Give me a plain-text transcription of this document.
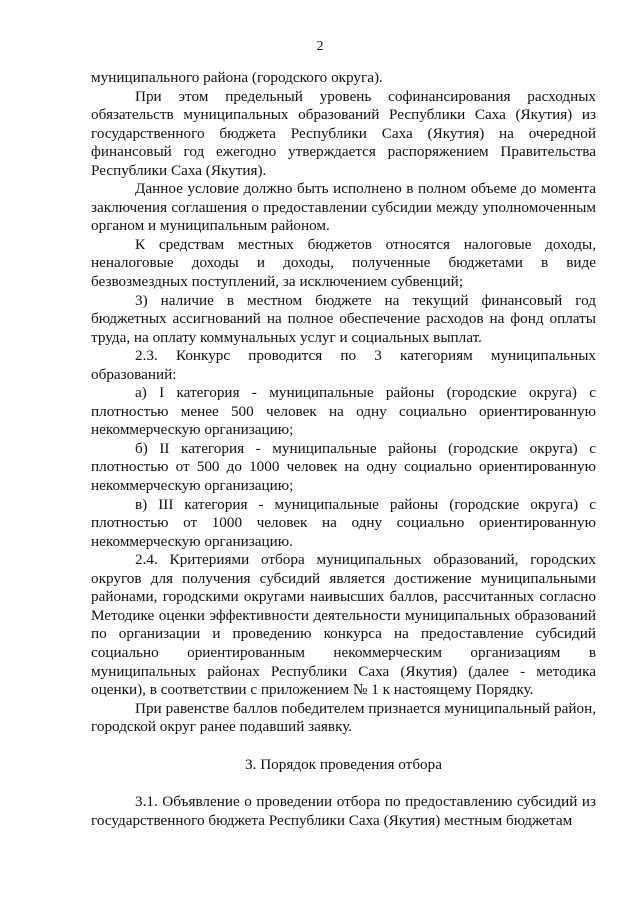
2

муниципального района (городского округа).

При этом предельный уровень софинансирования расходных обязательств муниципальных образований Республики Саха (Якутия) из государственного бюджета Республики Саха (Якутия) на очередной финансовый год ежегодно утверждается распоряжением Правительства Республики Саха (Якутия).

Данное условие должно быть исполнено в полном объеме до момента заключения соглашения о предоставлении субсидии между уполномоченным органом и муниципальным районом.

К средствам местных бюджетов относятся налоговые доходы, неналоговые доходы и доходы, полученные бюджетами в виде безвозмездных поступлений, за исключением субвенций;

3) наличие в местном бюджете на текущий финансовый год бюджетных ассигнований на полное обеспечение расходов на фонд оплаты труда, на оплату коммунальных услуг и социальных выплат.

2.3. Конкурс проводится по 3 категориям муниципальных образований:

а) I категория - муниципальные районы (городские округа) с плотностью менее 500 человек на одну социально ориентированную некоммерческую организацию;

б) II категория - муниципальные районы (городские округа) с плотностью от 500 до 1000 человек на одну социально ориентированную некоммерческую организацию;

в) III категория - муниципальные районы (городские округа) с плотностью от 1000 человек на одну социально ориентированную некоммерческую организацию.

2.4. Критериями отбора муниципальных образований, городских округов для получения субсидий является достижение муниципальными районами, городскими округами наивысших баллов, рассчитанных согласно Методике оценки эффективности деятельности муниципальных образований по организации и проведению конкурса на предоставление субсидий социально ориентированным некоммерческим организациям в муниципальных районах Республики Саха (Якутия) (далее - методика оценки), в соответствии с приложением № 1 к настоящему Порядку.

При равенстве баллов победителем признается муниципальный район, городской округ ранее подавший заявку.

3. Порядок проведения отбора

3.1. Объявление о проведении отбора по предоставлению субсидий из государственного бюджета Республики Саха (Якутия) местным бюджетам
